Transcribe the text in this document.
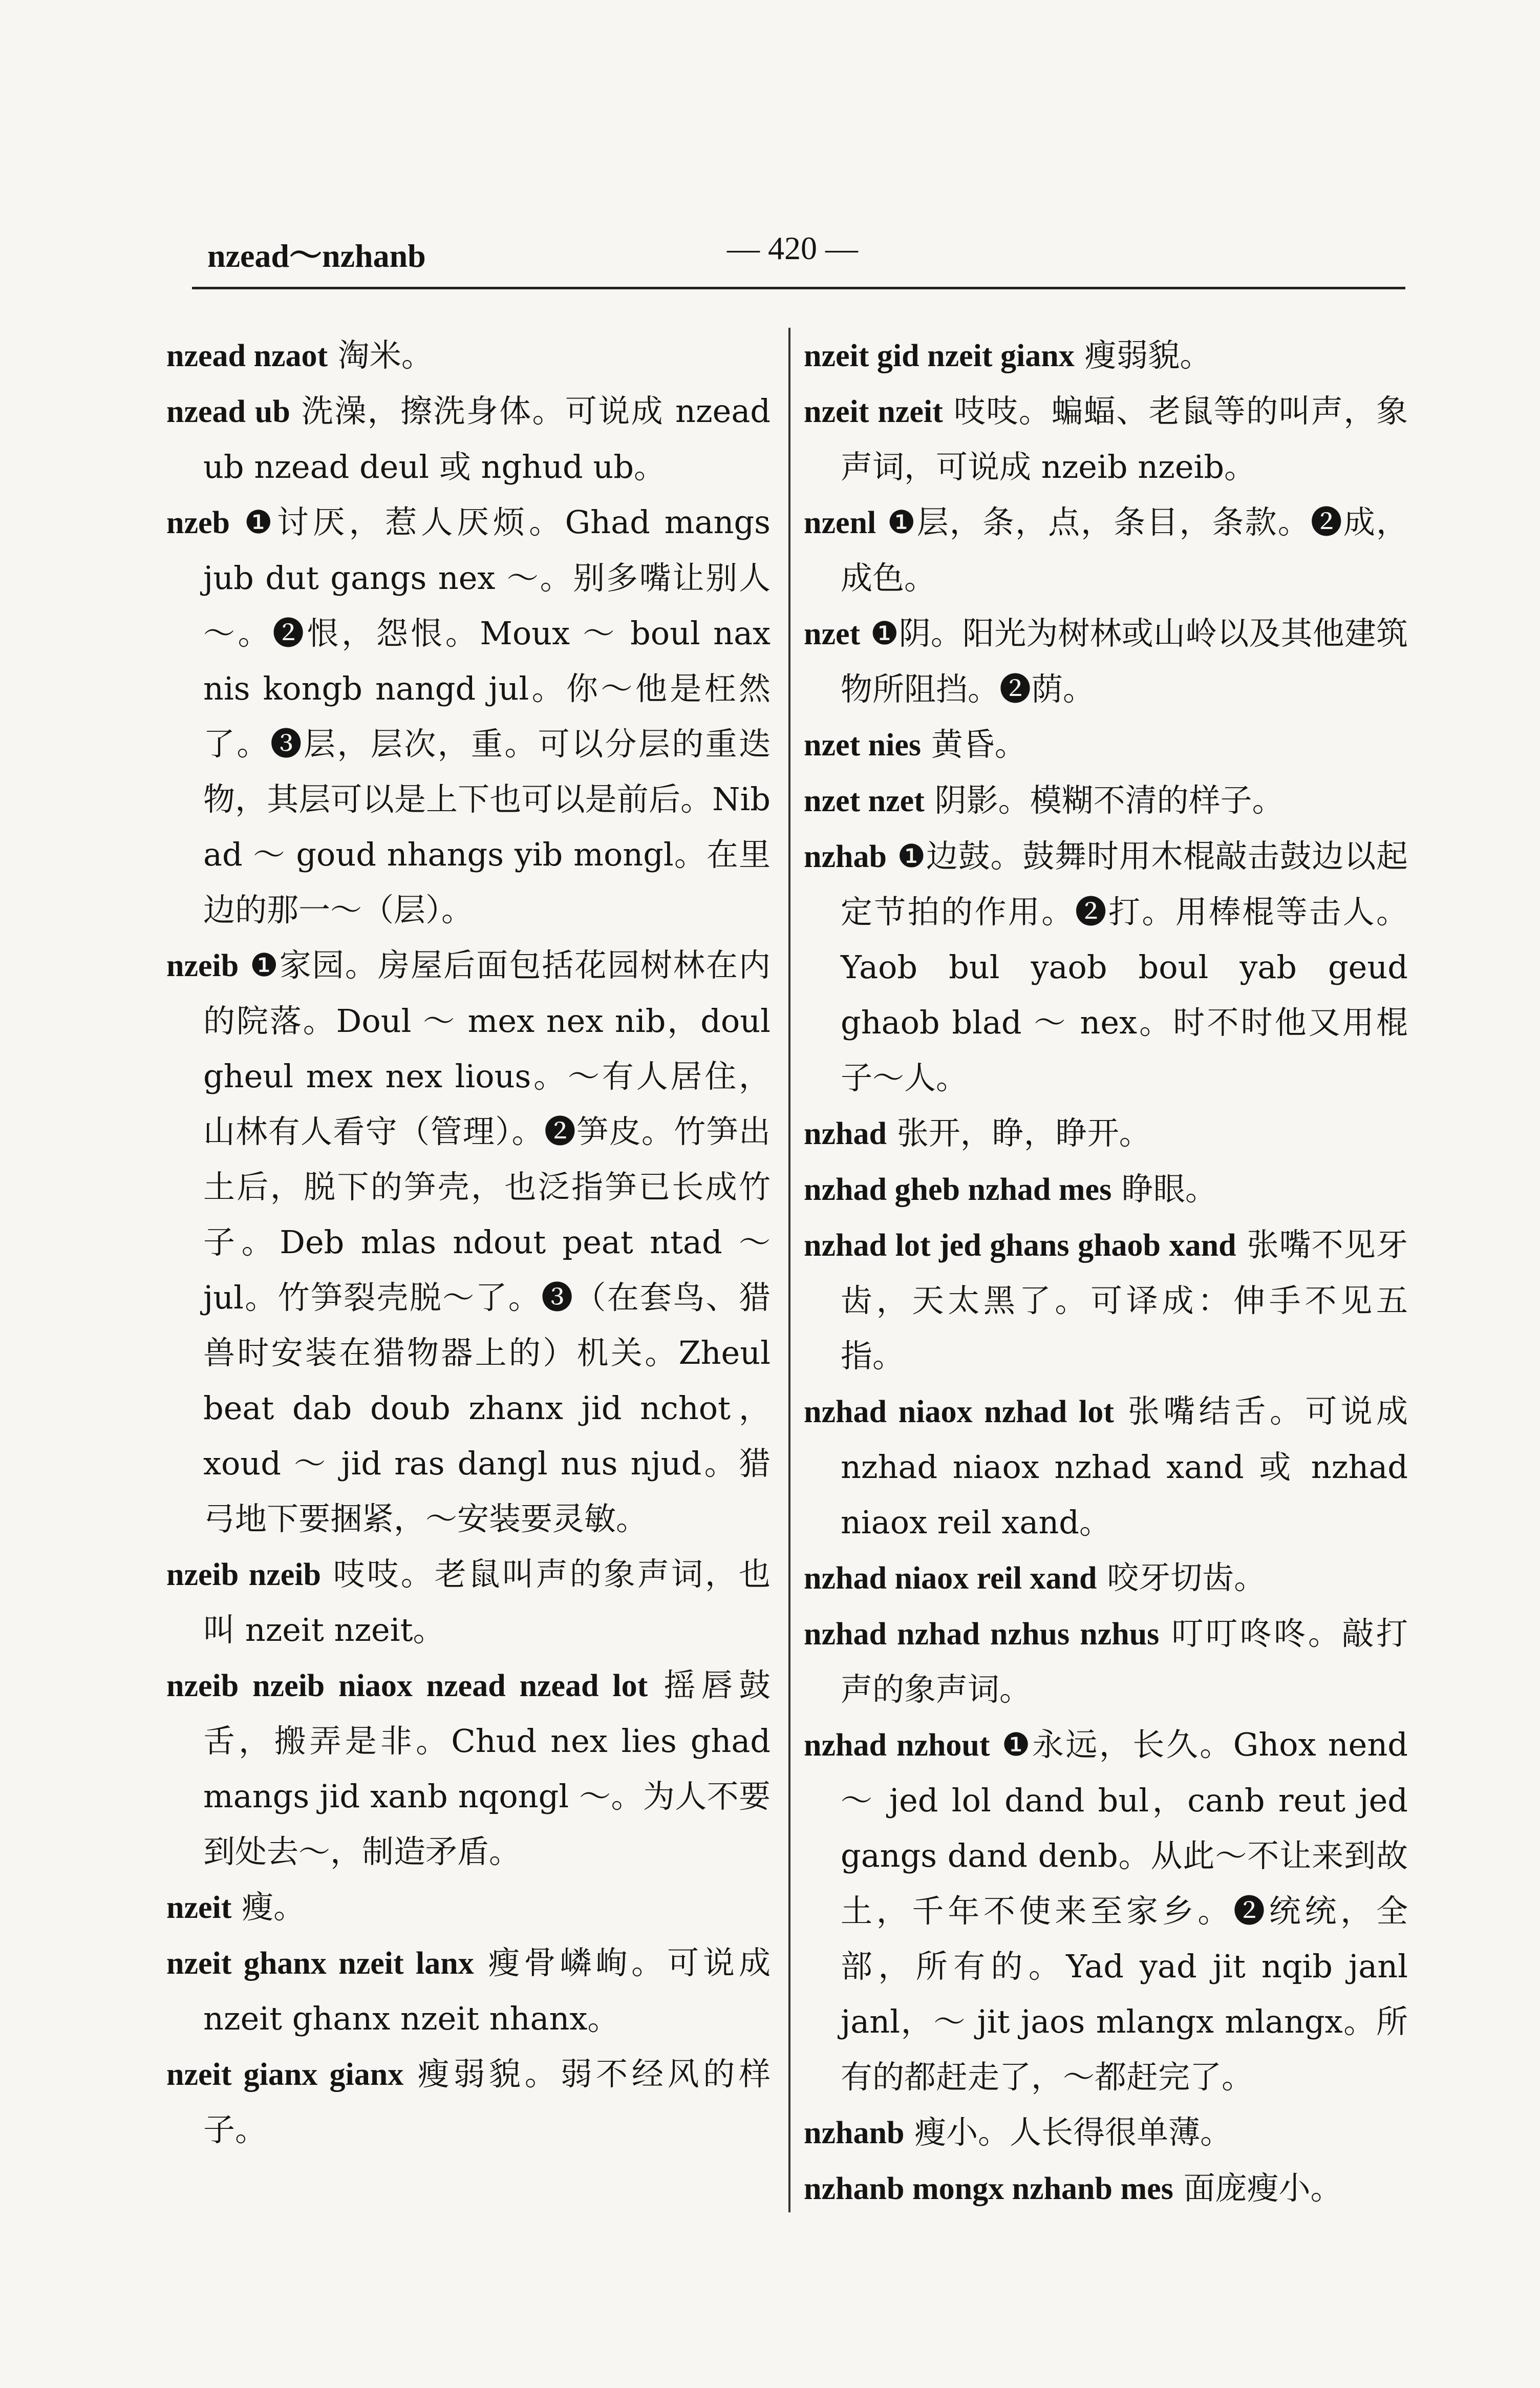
nzead～nzhanb	— 420 —

nzead nzaot 淘米。

nzead ub 洗澡，擦洗身体。可说成 nzead ub nzead deul 或 nghud ub。

nzeb ❶讨厌，惹人厌烦。Ghad mangs jub dut gangs nex ～。别多嘴让别人～。❷恨，怨恨。Moux ～ boul nax nis kongb nangd jul。你～他是枉然了。❸层，层次，重。可以分层的重迭物，其层可以是上下也可以是前后。Nib ad ～ goud nhangs yib mongl。在里边的那一～（层）。

nzeib ❶家园。房屋后面包括花园树林在内的院落。Doul ～ mex nex nib，doul gheul mex nex lious。～有人居住，山林有人看守（管理）。❷笋皮。竹笋出土后，脱下的笋壳，也泛指笋已长成竹子。Deb mlas ndout peat ntad ～ jul。竹笋裂壳脱～了。❸（在套鸟、猎兽时安装在猎物器上的）机关。Zheul beat dab doub zhanx jid nchot，xoud ～ jid ras dangl nus njud。猎弓地下要捆紧，～安装要灵敏。

nzeib nzeib 吱吱。老鼠叫声的象声词，也叫 nzeit nzeit。

nzeib nzeib niaox nzead nzead lot 摇唇鼓舌，搬弄是非。Chud nex lies ghad mangs jid xanb nqongl ～。为人不要到处去～，制造矛盾。

nzeit 瘦。

nzeit ghanx nzeit lanx 瘦骨嶙峋。可说成 nzeit ghanx nzeit nhanx。

nzeit gianx gianx 瘦弱貌。弱不经风的样子。

nzeit gid nzeit gianx 瘦弱貌。

nzeit nzeit 吱吱。蝙蝠、老鼠等的叫声，象声词，可说成 nzeib nzeib。

nzenl ❶层，条，点，条目，条款。❷成，成色。

nzet ❶阴。阳光为树林或山岭以及其他建筑物所阻挡。❷荫。

nzet nies 黄昏。

nzet nzet 阴影。模糊不清的样子。

nzhab ❶边鼓。鼓舞时用木棍敲击鼓边以起定节拍的作用。❷打。用棒棍等击人。Yaob bul yaob boul yab geud ghaob blad ～ nex。时不时他又用棍子～人。

nzhad 张开，睁，睁开。

nzhad gheb nzhad mes 睁眼。

nzhad lot jed ghans ghaob xand 张嘴不见牙齿，天太黑了。可译成：伸手不见五指。

nzhad niaox nzhad lot 张嘴结舌。可说成 nzhad niaox nzhad xand 或 nzhad niaox reil xand。

nzhad niaox reil xand 咬牙切齿。

nzhad nzhad nzhus nzhus 叮叮咚咚。敲打声的象声词。

nzhad nzhout ❶永远，长久。Ghox nend ～ jed lol dand bul，canb reut jed gangs dand denb。从此～不让来到故土，千年不使来至家乡。❷统统，全部，所有的。Yad yad jit nqib janl janl，～ jit jaos mlangx mlangx。所有的都赶走了，～都赶完了。

nzhanb 瘦小。人长得很单薄。

nzhanb mongx nzhanb mes 面庞瘦小。
